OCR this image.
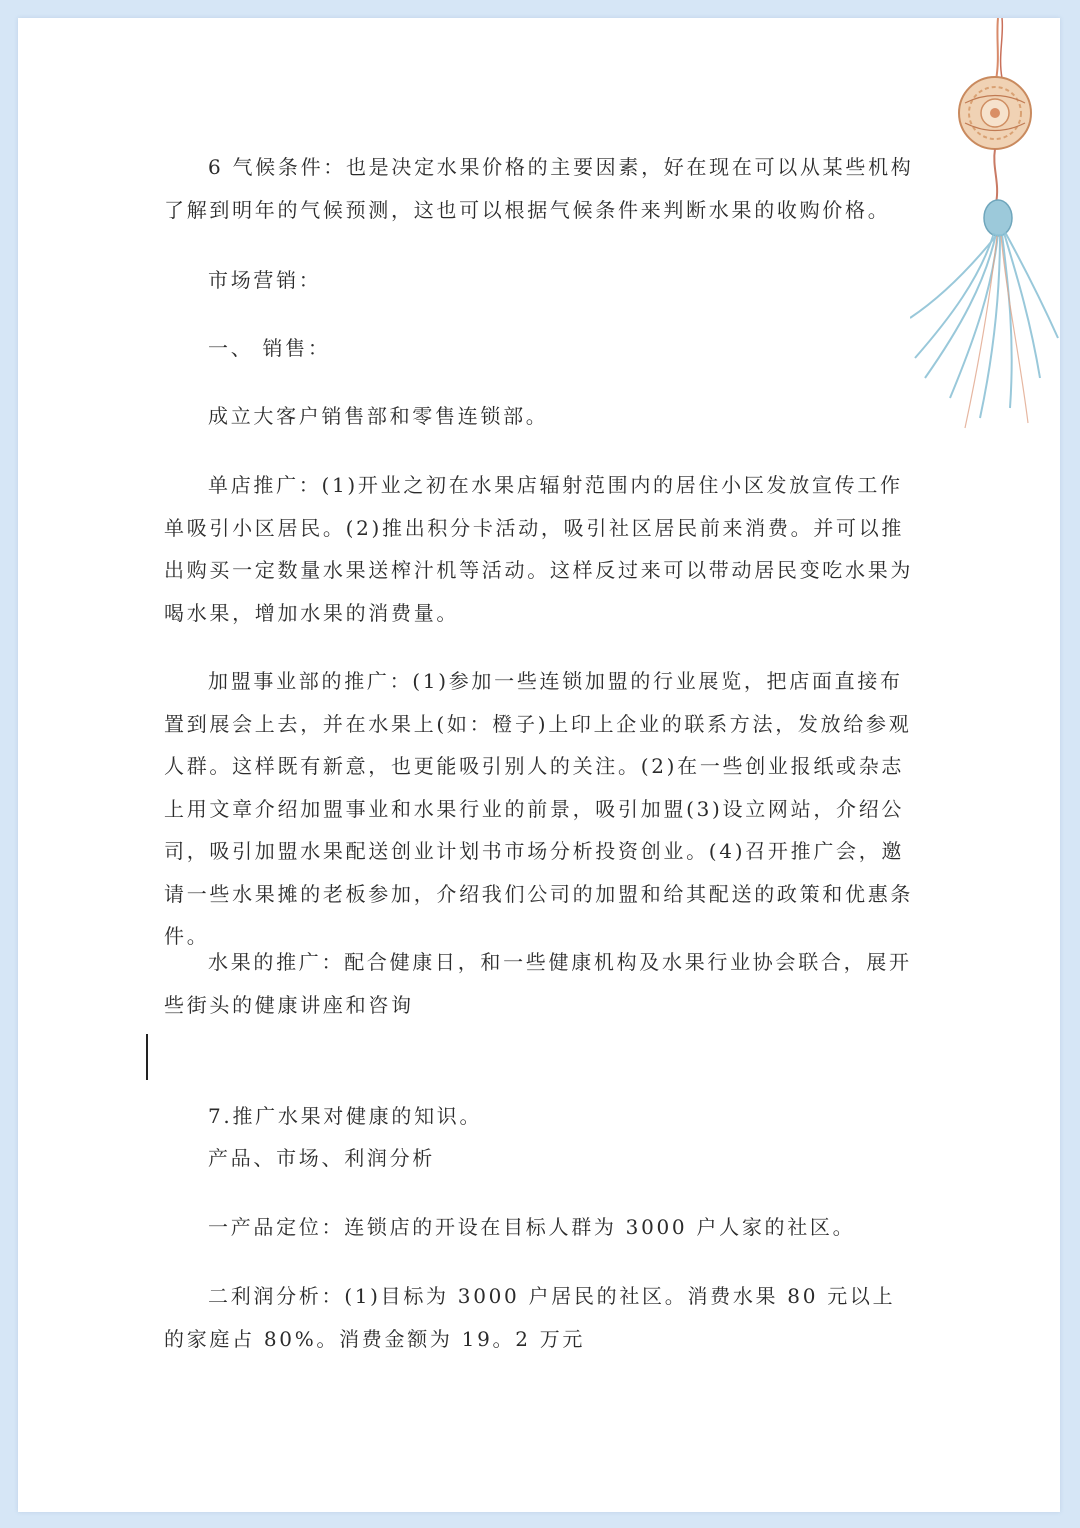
6 气候条件：也是决定水果价格的主要因素，好在现在可以从某些机构了解到明年的气候预测，这也可以根据气候条件来判断水果的收购价格。

市场营销：

一、 销售：

成立大客户销售部和零售连锁部。

单店推广：(1)开业之初在水果店辐射范围内的居住小区发放宣传工作单吸引小区居民。(2)推出积分卡活动，吸引社区居民前来消费。并可以推出购买一定数量水果送榨汁机等活动。这样反过来可以带动居民变吃水果为喝水果，增加水果的消费量。

加盟事业部的推广：(1)参加一些连锁加盟的行业展览，把店面直接布置到展会上去，并在水果上(如：橙子)上印上企业的联系方法，发放给参观人群。这样既有新意，也更能吸引别人的关注。(2)在一些创业报纸或杂志上用文章介绍加盟事业和水果行业的前景，吸引加盟(3)设立网站，介绍公司，吸引加盟水果配送创业计划书市场分析投资创业。(4)召开推广会，邀请一些水果摊的老板参加，介绍我们公司的加盟和给其配送的政策和优惠条件。

水果的推广：配合健康日，和一些健康机构及水果行业协会联合，展开些街头的健康讲座和咨询

7.推广水果对健康的知识。

产品、市场、利润分析

一产品定位：连锁店的开设在目标人群为 3000 户人家的社区。

二利润分析：(1)目标为 3000 户居民的社区。消费水果 80 元以上的家庭占 80%。消费金额为 19。2 万元
